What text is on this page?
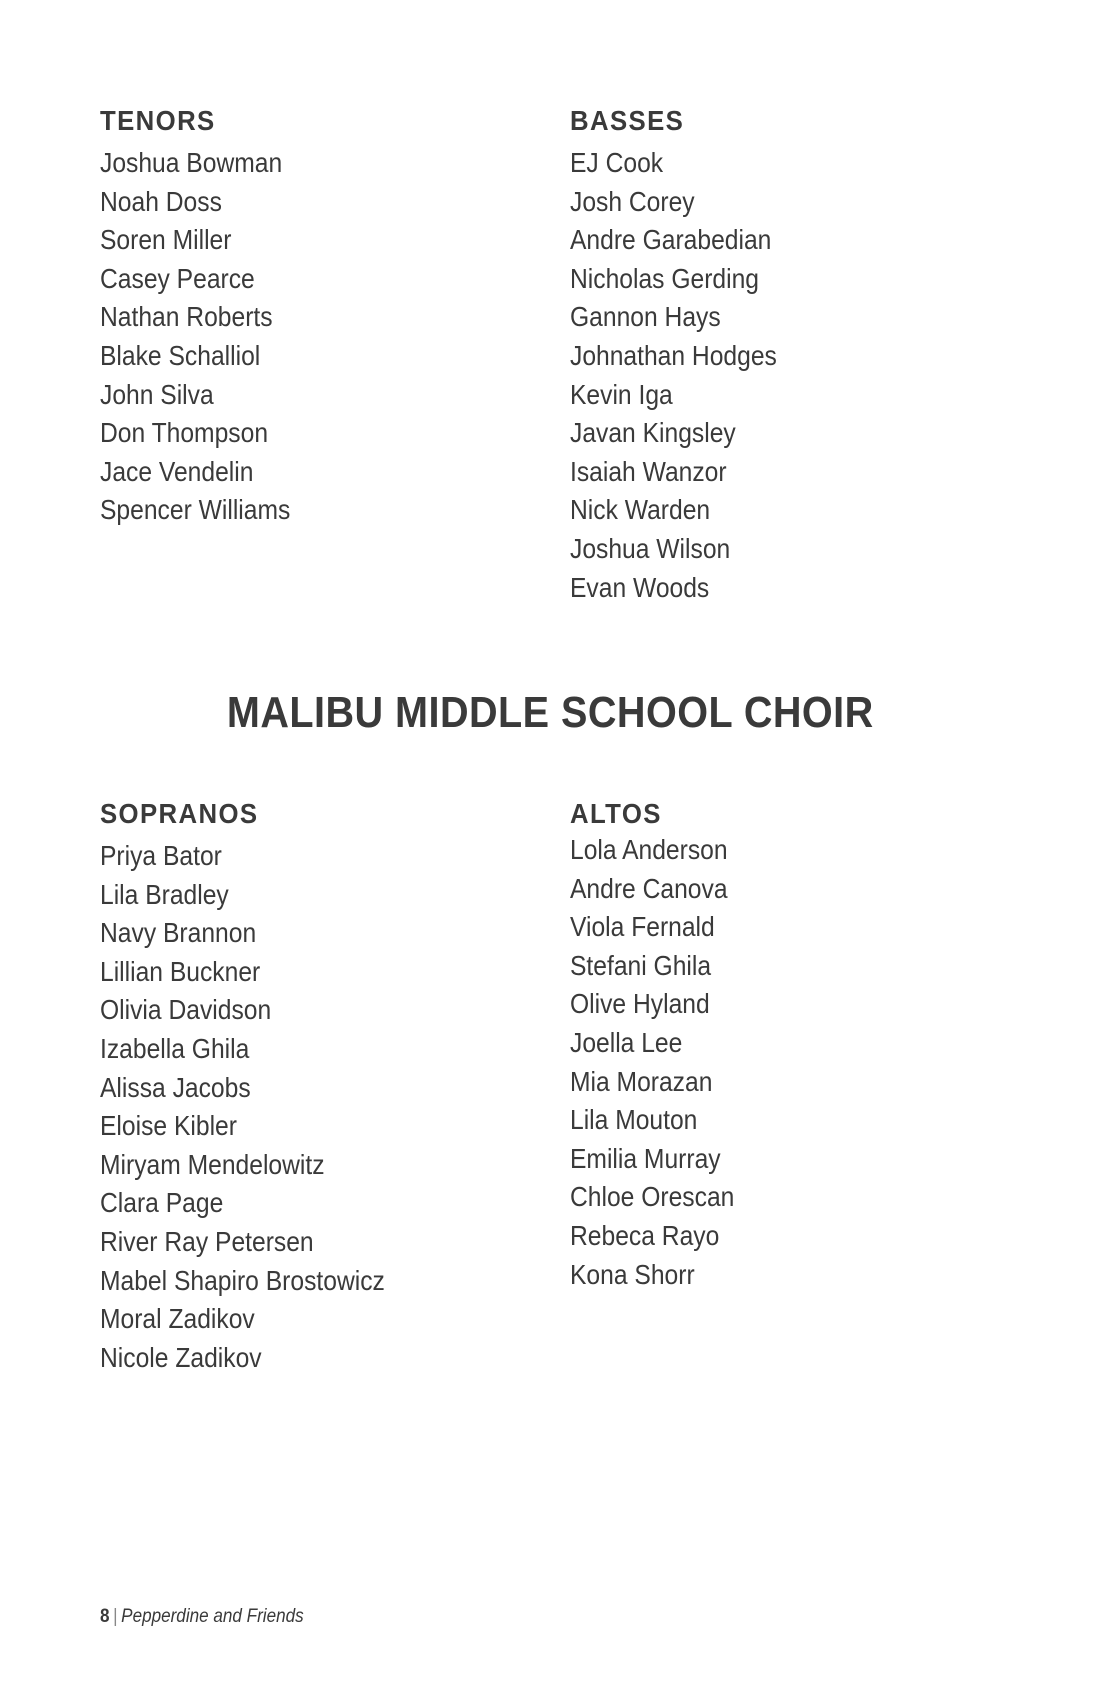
TENORS
Joshua Bowman
Noah Doss
Soren Miller
Casey Pearce
Nathan Roberts
Blake Schalliol
John Silva
Don Thompson
Jace Vendelin
Spencer Williams
BASSES
EJ Cook
Josh Corey
Andre Garabedian
Nicholas Gerding
Gannon Hays
Johnathan Hodges
Kevin Iga
Javan Kingsley
Isaiah Wanzor
Nick Warden
Joshua Wilson
Evan Woods
MALIBU MIDDLE SCHOOL CHOIR
SOPRANOS
Priya Bator
Lila Bradley
Navy Brannon
Lillian Buckner
Olivia Davidson
Izabella Ghila
Alissa Jacobs
Eloise Kibler
Miryam Mendelowitz
Clara Page
River Ray Petersen
Mabel Shapiro Brostowicz
Moral Zadikov
Nicole Zadikov
ALTOS
Lola Anderson
Andre Canova
Viola Fernald
Stefani Ghila
Olive Hyland
Joella Lee
Mia Morazan
Lila Mouton
Emilia Murray
Chloe Orescan
Rebeca Rayo
Kona Shorr
8 | Pepperdine and Friends
